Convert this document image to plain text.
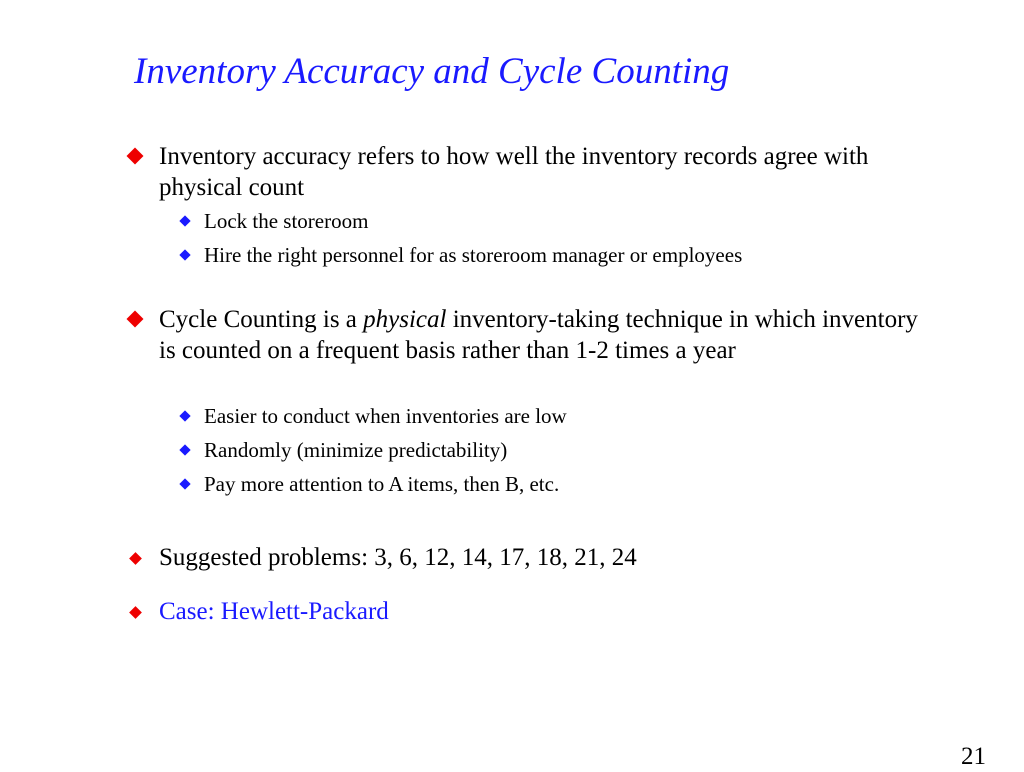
Inventory Accuracy and Cycle Counting

Inventory accuracy refers to how well the inventory records agree with physical count

Lock the storeroom

Hire the right personnel for as storeroom manager or employees

Cycle Counting is a physical inventory-taking technique in which inventory is counted on a frequent basis rather than 1-2 times a year

Easier to conduct when inventories are low

Randomly (minimize predictability)

Pay more attention to A items, then B, etc.

Suggested problems: 3, 6, 12, 14, 17, 18, 21, 24

Case: Hewlett-Packard

21
